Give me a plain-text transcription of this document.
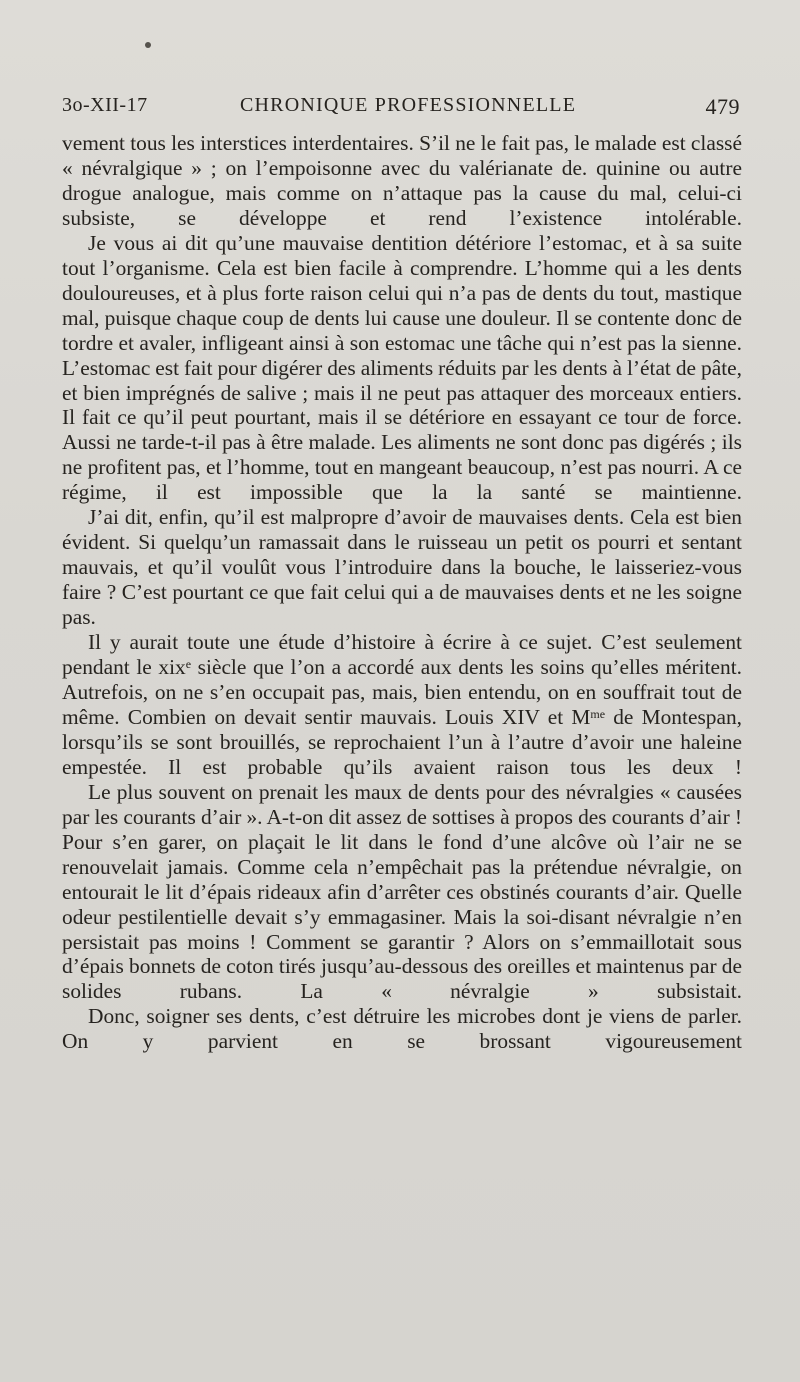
3o-XII-17	CHRONIQUE PROFESSIONNELLE	479

vement tous les interstices interdentaires. S’il ne le fait pas, le malade est classé « névralgique » ; on l’empoisonne avec du valérianate de. quinine ou autre drogue analogue, mais comme on n’attaque pas la cause du mal, celui-ci subsiste, se développe et rend l’existence intolérable.

Je vous ai dit qu’une mauvaise dentition détériore l’estomac, et à sa suite tout l’organisme. Cela est bien facile à comprendre. L’homme qui a les dents douloureuses, et à plus forte raison celui qui n’a pas de dents du tout, mastique mal, puisque chaque coup de dents lui cause une douleur. Il se contente donc de tordre et avaler, infligeant ainsi à son estomac une tâche qui n’est pas la sienne. L’estomac est fait pour digérer des aliments réduits par les dents à l’état de pâte, et bien imprégnés de salive ; mais il ne peut pas attaquer des morceaux entiers. Il fait ce qu’il peut pourtant, mais il se détériore en essayant ce tour de force. Aussi ne tarde-t-il pas à être malade. Les aliments ne sont donc pas digérés ; ils ne profitent pas, et l’homme, tout en mangeant beaucoup, n’est pas nourri. A ce régime, il est impossible que la la santé se maintienne.

J’ai dit, enfin, qu’il est malpropre d’avoir de mauvaises dents. Cela est bien évident. Si quelqu’un ramassait dans le ruisseau un petit os pourri et sentant mauvais, et qu’il voulût vous l’introduire dans la bouche, le laisseriez-vous faire ? C’est pourtant ce que fait celui qui a de mauvaises dents et ne les soigne pas.

Il y aurait toute une étude d’histoire à écrire à ce sujet. C’est seulement pendant le xix$^e$ siècle que l’on a accordé aux dents les soins qu’elles méritent. Autrefois, on ne s’en occupait pas, mais, bien entendu, on en souffrait tout de même. Combien on devait sentir mauvais. Louis XIV et $M^{me}$ de Montespan, lorsqu’ils se sont brouillés, se reprochaient l’un à l’autre d’avoir une haleine empestée. Il est probable qu’ils avaient raison tous les deux !

Le plus souvent on prenait les maux de dents pour des névralgies « causées par les courants d’air ». A-t-on dit assez de sottises à propos des courants d’air ! Pour s’en garer, on plaçait le lit dans le fond d’une alcôve où l’air ne se renouvelait jamais. Comme cela n’empêchait pas la prétendue névralgie, on entourait le lit d’épais rideaux afin d’arrêter ces obstinés courants d’air. Quelle odeur pestilentielle devait s’y emmagasiner. Mais la soi-disant névralgie n’en persistait pas moins ! Comment se garantir ? Alors on s’emmaillotait sous d’épais bonnets de coton tirés jusqu’au-dessous des oreilles et maintenus par de solides rubans. La « névralgie » subsistait.

Donc, soigner ses dents, c’est détruire les microbes dont je viens de parler. On y parvient en se brossant vigoureusement
